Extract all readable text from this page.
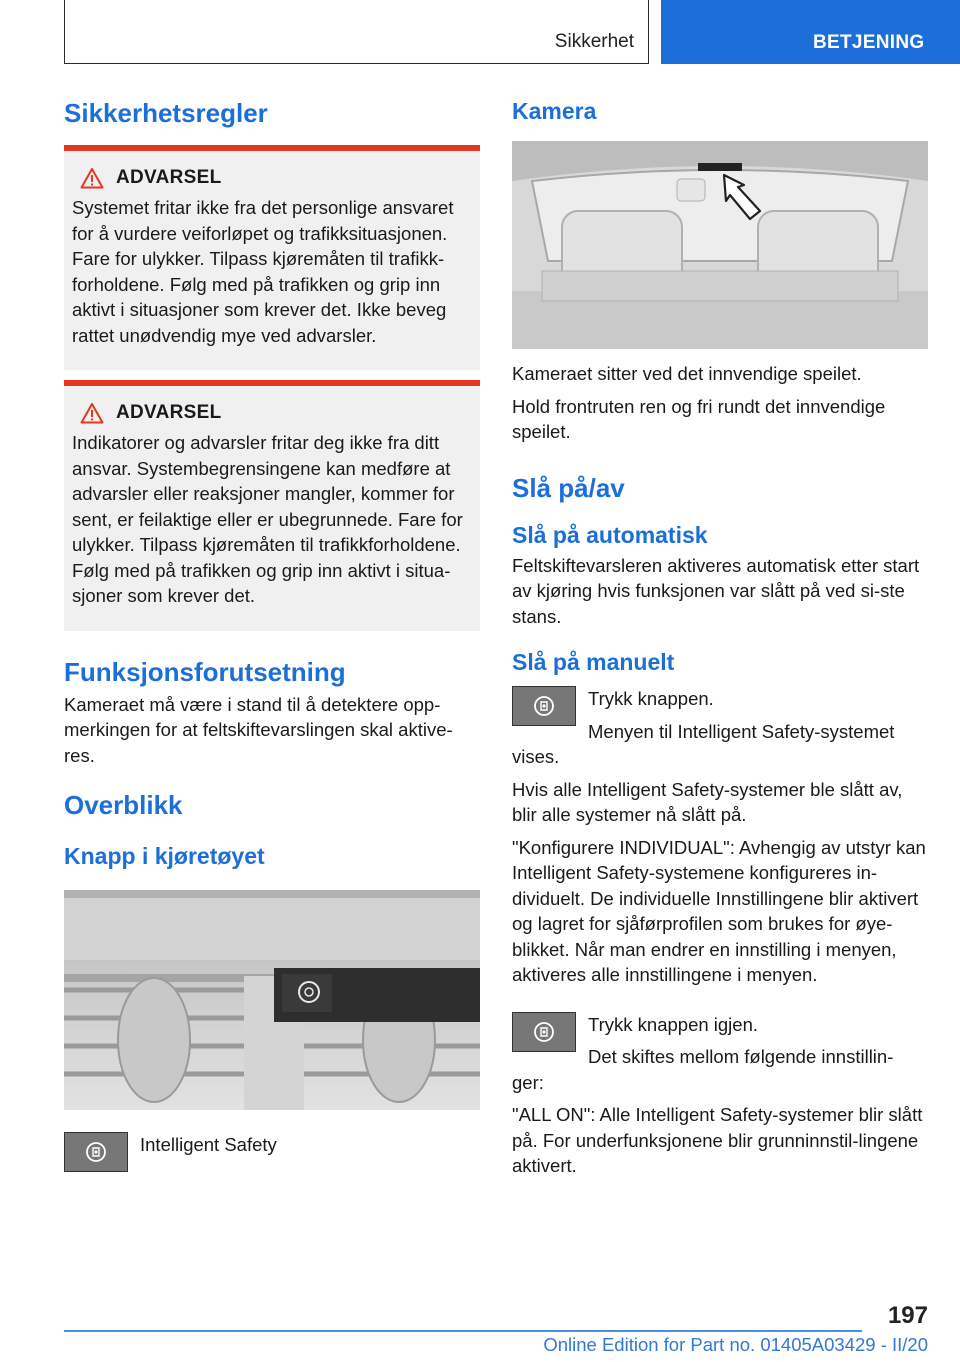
Sikkerhet	BETJENING
Sikkerhetsregler
ADVARSEL
Systemet fritar ikke fra det personlige ansvaret for å vurdere veiforløpet og trafikksituasjonen. Fare for ulykker. Tilpass kjøremåten til trafikk-forholdene. Følg med på trafikken og grip inn aktivt i situasjoner som krever det. Ikke beveg rattet unødvendig mye ved advarsler.
ADVARSEL
Indikatorer og advarsler fritar deg ikke fra ditt ansvar. Systembegrensingene kan medføre at advarsler eller reaksjoner mangler, kommer for sent, er feilaktige eller er ubegrunnede. Fare for ulykker. Tilpass kjøremåten til trafikkforholdene. Følg med på trafikken og grip inn aktivt i situa-sjoner som krever det.
Funksjonsforutsetning
Kameraet må være i stand til å detektere opp-merkingen for at feltskiftevarslingen skal aktive-res.
Overblikk
Knapp i kjøretøyet
Intelligent Safety
Kamera
Kameraet sitter ved det innvendige speilet.
Hold frontruten ren og fri rundt det innvendige speilet.
Slå på/av
Slå på automatisk
Feltskiftevarsleren aktiveres automatisk etter start av kjøring hvis funksjonen var slått på ved si-ste stans.
Slå på manuelt
Trykk knappen.
Menyen til Intelligent Safety-systemet
vises.
Hvis alle Intelligent Safety-systemer ble slått av, blir alle systemer nå slått på.
"Konfigurere INDIVIDUAL": Avhengig av utstyr kan Intelligent Safety-systemene konfigureres in-dividuelt. De individuelle Innstillingene blir aktivert og lagret for sjåførprofilen som brukes for øye-blikket. Når man endrer en innstilling i menyen, aktiveres alle innstillingene i menyen.
Trykk knappen igjen.
Det skiftes mellom følgende innstillin-
ger:
"ALL ON": Alle Intelligent Safety-systemer blir slått på. For underfunksjonene blir grunninnstil-lingene aktivert.
197
Online Edition for Part no. 01405A03429 - II/20
